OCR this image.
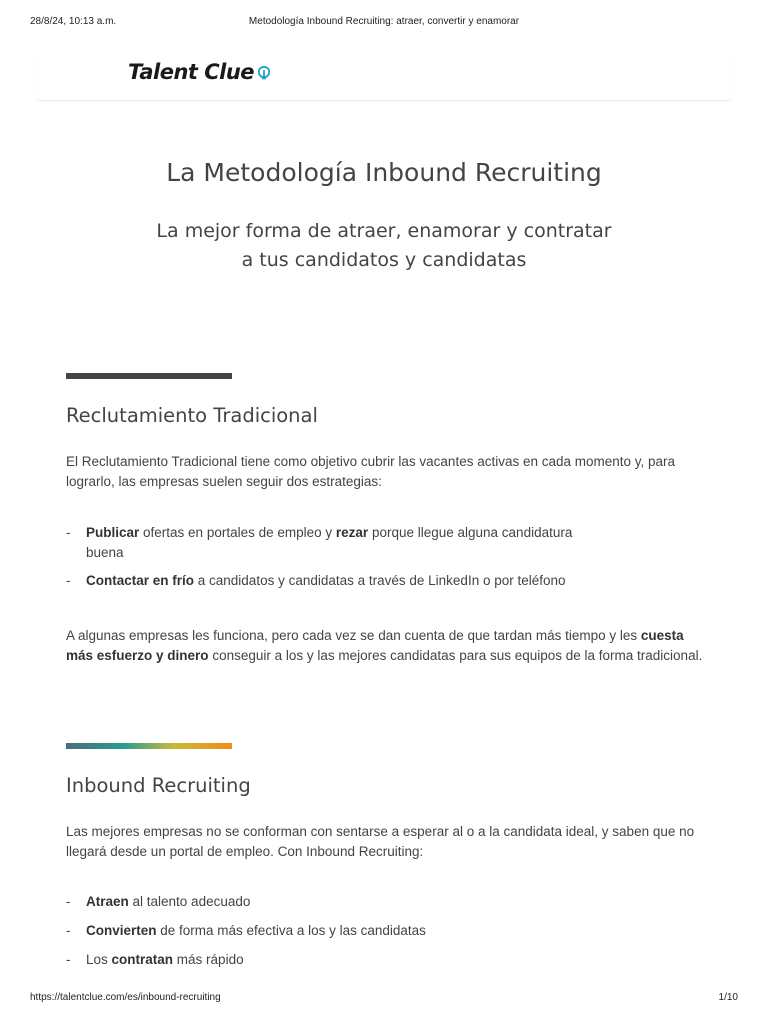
28/8/24, 10:13 a.m.	Metodología Inbound Recruiting: atraer, convertir y enamorar
Talent Clue
La Metodología Inbound Recruiting
La mejor forma de atraer, enamorar y contratar
a tus candidatos y candidatas
Reclutamiento Tradicional

El Reclutamiento Tradicional tiene como objetivo cubrir las vacantes activas en cada momento y, para lograrlo, las empresas suelen seguir dos estrategias:

- Publicar ofertas en portales de empleo y rezar porque llegue alguna candidatura buena
- Contactar en frío a candidatos y candidatas a través de LinkedIn o por teléfono

A algunas empresas les funciona, pero cada vez se dan cuenta de que tardan más tiempo y les cuesta más esfuerzo y dinero conseguir a los y las mejores candidatas para sus equipos de la forma tradicional.

Inbound Recruiting

Las mejores empresas no se conforman con sentarse a esperar al o a la candidata ideal, y saben que no llegará desde un portal de empleo. Con Inbound Recruiting:

- Atraen al talento adecuado
- Convierten de forma más efectiva a los y las candidatas
- Los contratan más rápido
https://talentclue.com/es/inbound-recruiting	1/10
